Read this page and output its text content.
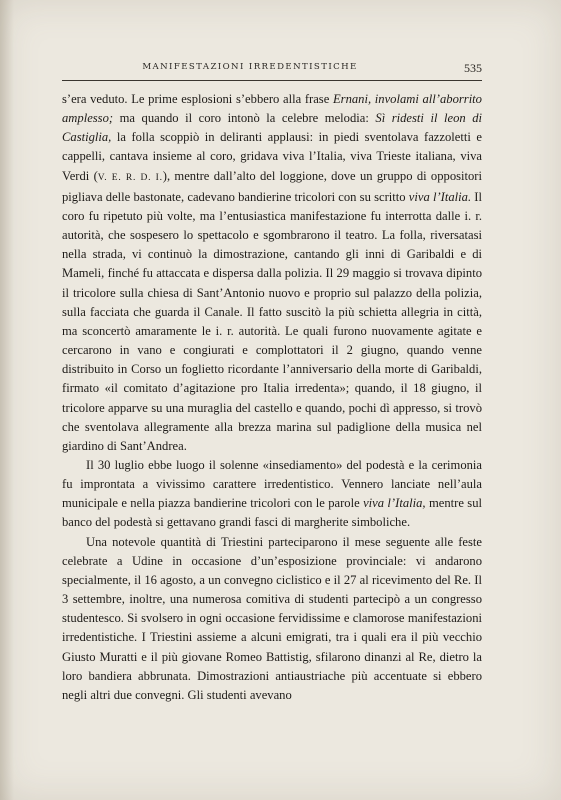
MANIFESTAZIONI IRREDENTISTICHE	535

s’era veduto. Le prime esplosioni s’ebbero alla frase Ernani, involami all’aborrito amplesso; ma quando il coro intonò la celebre melodia: Sì ridesti il leon di Castiglia, la folla scoppiò in deliranti applausi: in piedi sventolava fazzoletti e cappelli, cantava insieme al coro, gridava viva l’Italia, viva Trieste italiana, viva Verdi (V. E. R. D. I.), mentre dall’alto del loggione, dove un gruppo di oppositori pigliava delle bastonate, cadevano bandierine tricolori con su scritto viva l’Italia. Il coro fu ripetuto più volte, ma l’entusiastica manifestazione fu interrotta dalle i. r. autorità, che sospesero lo spettacolo e sgombrarono il teatro. La folla, riversatasi nella strada, vi continuò la dimostrazione, cantando gli inni di Garibaldi e di Mameli, finché fu attaccata e dispersa dalla polizia. Il 29 maggio si trovava dipinto il tricolore sulla chiesa di Sant’Antonio nuovo e proprio sul palazzo della polizia, sulla facciata che guarda il Canale. Il fatto suscitò la più schietta allegria in città, ma sconcertò amaramente le i. r. autorità. Le quali furono nuovamente agitate e cercarono in vano e congiurati e complottatori il 2 giugno, quando venne distribuito in Corso un foglietto ricordante l’anniversario della morte di Garibaldi, firmato «il comitato d’agitazione pro Italia irredenta»; quando, il 18 giugno, il tricolore apparve su una muraglia del castello e quando, pochi dì appresso, si trovò che sventolava allegramente alla brezza marina sul padiglione della musica nel giardino di Sant’Andrea.

Il 30 luglio ebbe luogo il solenne «insediamento» del podestà e la cerimonia fu improntata a vivissimo carattere irredentistico. Vennero lanciate nell’aula municipale e nella piazza bandierine tricolori con le parole viva l’Italia, mentre sul banco del podestà si gettavano grandi fasci di margherite simboliche.

Una notevole quantità di Triestini parteciparono il mese seguente alle feste celebrate a Udine in occasione d’un’esposizione provinciale: vi andarono specialmente, il 16 agosto, a un convegno ciclistico e il 27 al ricevimento del Re. Il 3 settembre, inoltre, una numerosa comitiva di studenti partecipò a un congresso studentesco. Si svolsero in ogni occasione fervidissime e clamorose manifestazioni irredentistiche. I Triestini assieme a alcuni emigrati, tra i quali era il più vecchio Giusto Muratti e il più giovane Romeo Battistig, sfilarono dinanzi al Re, dietro la loro bandiera abbrunata. Dimostrazioni antiaustriache più accentuate si ebbero negli altri due convegni. Gli studenti avevano
